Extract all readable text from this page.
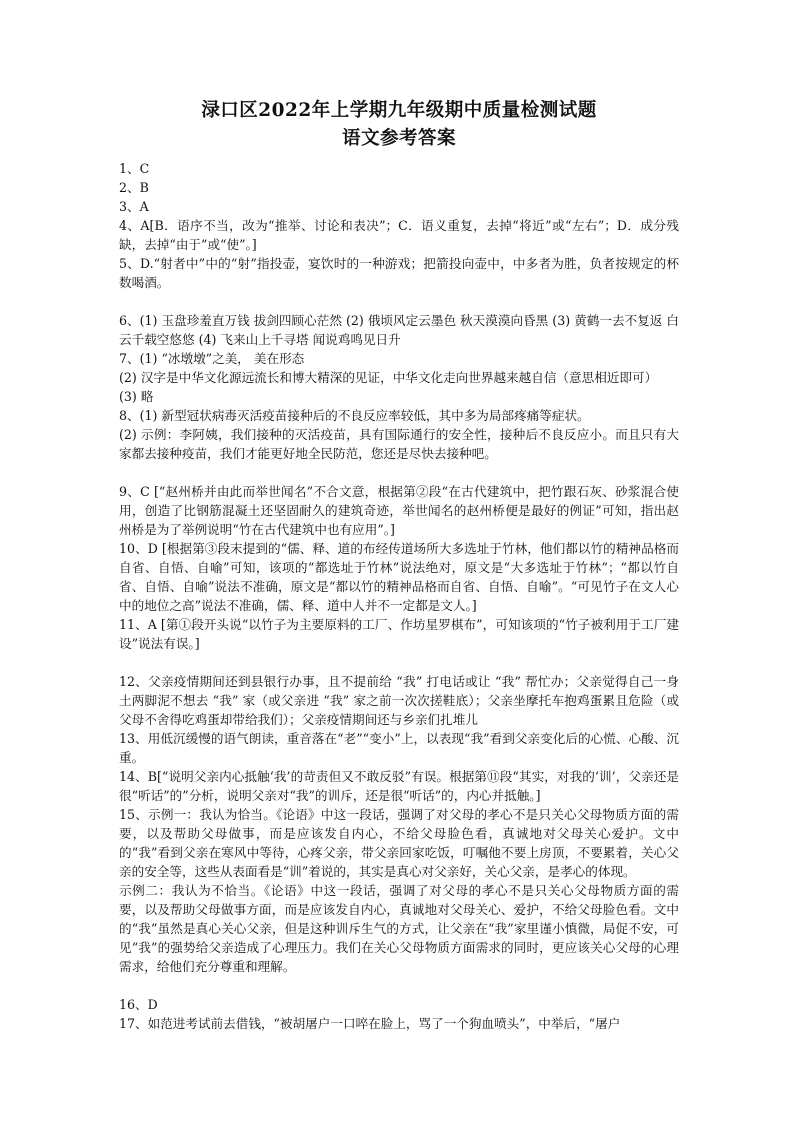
渌口区2022年上学期九年级期中质量检测试题
语文参考答案

1、C

2、B

3、A

4、A[B．语序不当，改为“推举、讨论和表决”；C．语义重复，去掉“将近”或“左右”；D．成分残缺，去掉“由于”或“使”。]

5、D.“射者中”中的“射”指投壶，宴饮时的一种游戏；把箭投向壶中，中多者为胜，负者按规定的杯数喝酒。

6、(1) 玉盘珍羞直万钱 拔剑四顾心茫然 (2) 俄顷风定云墨色 秋天漠漠向昏黑 (3) 黄鹤一去不复返 白云千载空悠悠 (4) 飞来山上千寻塔 闻说鸡鸣见日升

7、(1) “冰墩墩”之美， 美在形态

(2) 汉字是中华文化源远流长和博大精深的见证，中华文化走向世界越来越自信（意思相近即可）

(3) 略

8、(1) 新型冠状病毒灭活疫苗接种后的不良反应率较低，其中多为局部疼痛等症状。

(2) 示例：李阿姨，我们接种的灭活疫苗，具有国际通行的安全性，接种后不良反应小。而且只有大家都去接种疫苗，我们才能更好地全民防范，您还是尽快去接种吧。

9、C [“赵州桥并由此而举世闻名”不合文意，根据第②段“在古代建筑中，把竹跟石灰、砂浆混合使用，创造了比钢筋混凝土还坚固耐久的建筑奇迹，举世闻名的赵州桥便是最好的例证”可知，指出赵州桥是为了举例说明“竹在古代建筑中也有应用”。]

10、D [根据第③段末提到的“儒、释、道的布经传道场所大多选址于竹林，他们都以竹的精神品格而自省、自悟、自喻”可知，该项的“都选址于竹林”说法绝对，原文是“大多选址于竹林”；“都以竹自省、自悟、自喻”说法不准确，原文是“都以竹的精神品格而自省、自悟、自喻”。“可见竹子在文人心中的地位之高”说法不准确，儒、释、道中人并不一定都是文人。]

11、A [第①段开头说“以竹子为主要原料的工厂、作坊星罗棋布”，可知该项的“竹子被利用于工厂建设”说法有误。]

12、父亲疫情期间还到县银行办事，且不提前给 “我” 打电话或让 “我” 帮忙办；父亲觉得自己一身土两脚泥不想去 “我” 家（或父亲进 “我” 家之前一次次搓鞋底）；父亲坐摩托车抱鸡蛋累且危险（或父母不舍得吃鸡蛋却带给我们）；父亲疫情期间还与乡亲们扎堆儿

13、用低沉缓慢的语气朗读，重音落在“老”“变小”上，以表现“我”看到父亲变化后的心慌、心酸、沉重。

14、B[“说明父亲内心抵触‘我’的苛责但又不敢反驳”有误。根据第⑪段“其实，对我的‘训’，父亲还是很“听话”的”分析，说明父亲对“我”的训斥，还是很“听话”的，内心并抵触。]

15、示例一：我认为恰当。《论语》中这一段话，强调了对父母的孝心不是只关心父母物质方面的需要，以及帮助父母做事，而是应该发自内心，不给父母脸色看，真诚地对父母关心爱护。文中的“我”看到父亲在寒风中等待，心疼父亲，带父亲回家吃饭，叮嘱他不要上房顶，不要累着，关心父亲的安全等，这些从表面看是“训”着说的，其实是真心对父亲好，关心父亲，是孝心的体现。

示例二：我认为不恰当。《论语》中这一段话，强调了对父母的孝心不是只关心父母物质方面的需要，以及帮助父母做事方面，而是应该发自内心，真诚地对父母关心、爱护，不给父母脸色看。文中的“我”虽然是真心关心父亲，但是这种训斥生气的方式，让父亲在“我”家里谨小慎微，局促不安，可见“我”的强势给父亲造成了心理压力。我们在关心父母物质方面需求的同时，更应该关心父母的心理需求，给他们充分尊重和理解。

16、D

17、如范进考试前去借钱，“被胡屠户一口啐在脸上，骂了一个狗血喷头”，中举后，“屠户
